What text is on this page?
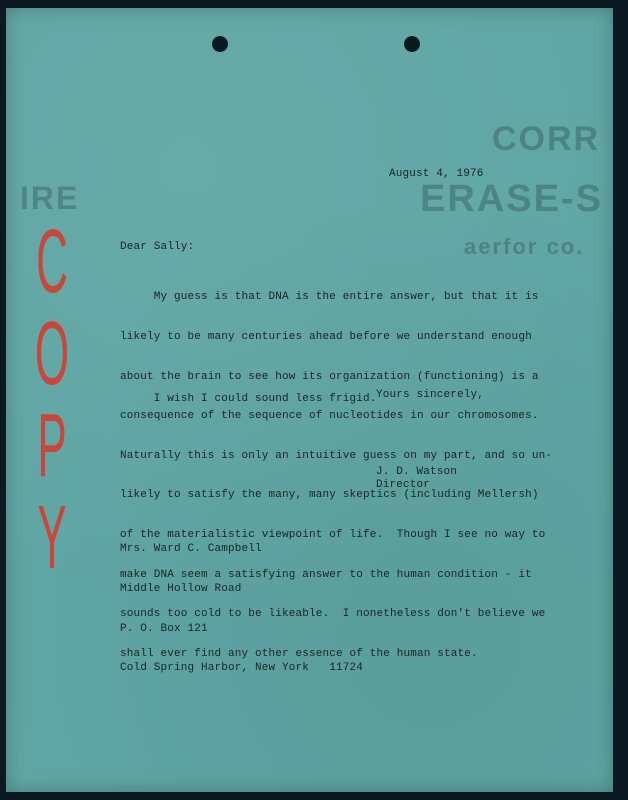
CORR
ERASE-S
aerfor co.
IRE
C
O
P
Y
August 4, 1976
Dear Sally:

My guess is that DNA is the entire answer, but that it is

likely to be many centuries ahead before we understand enough

about the brain to see how its organization (functioning) is a

consequence of the sequence of nucleotides in our chromosomes.

Naturally this is only an intuitive guess on my part, and so un-

likely to satisfy the many, many skeptics (including Mellersh)

of the materialistic viewpoint of life.  Though I see no way to

make DNA seem a satisfying answer to the human condition - it

sounds too cold to be likeable.  I nonetheless don't believe we

shall ever find any other essence of the human state.

I wish I could sound less frigid. Yours sincerely,
J. D. Watson
Director

Mrs. Ward C. Campbell

Middle Hollow Road

P. O. Box 121

Cold Spring Harbor, New York   11724
